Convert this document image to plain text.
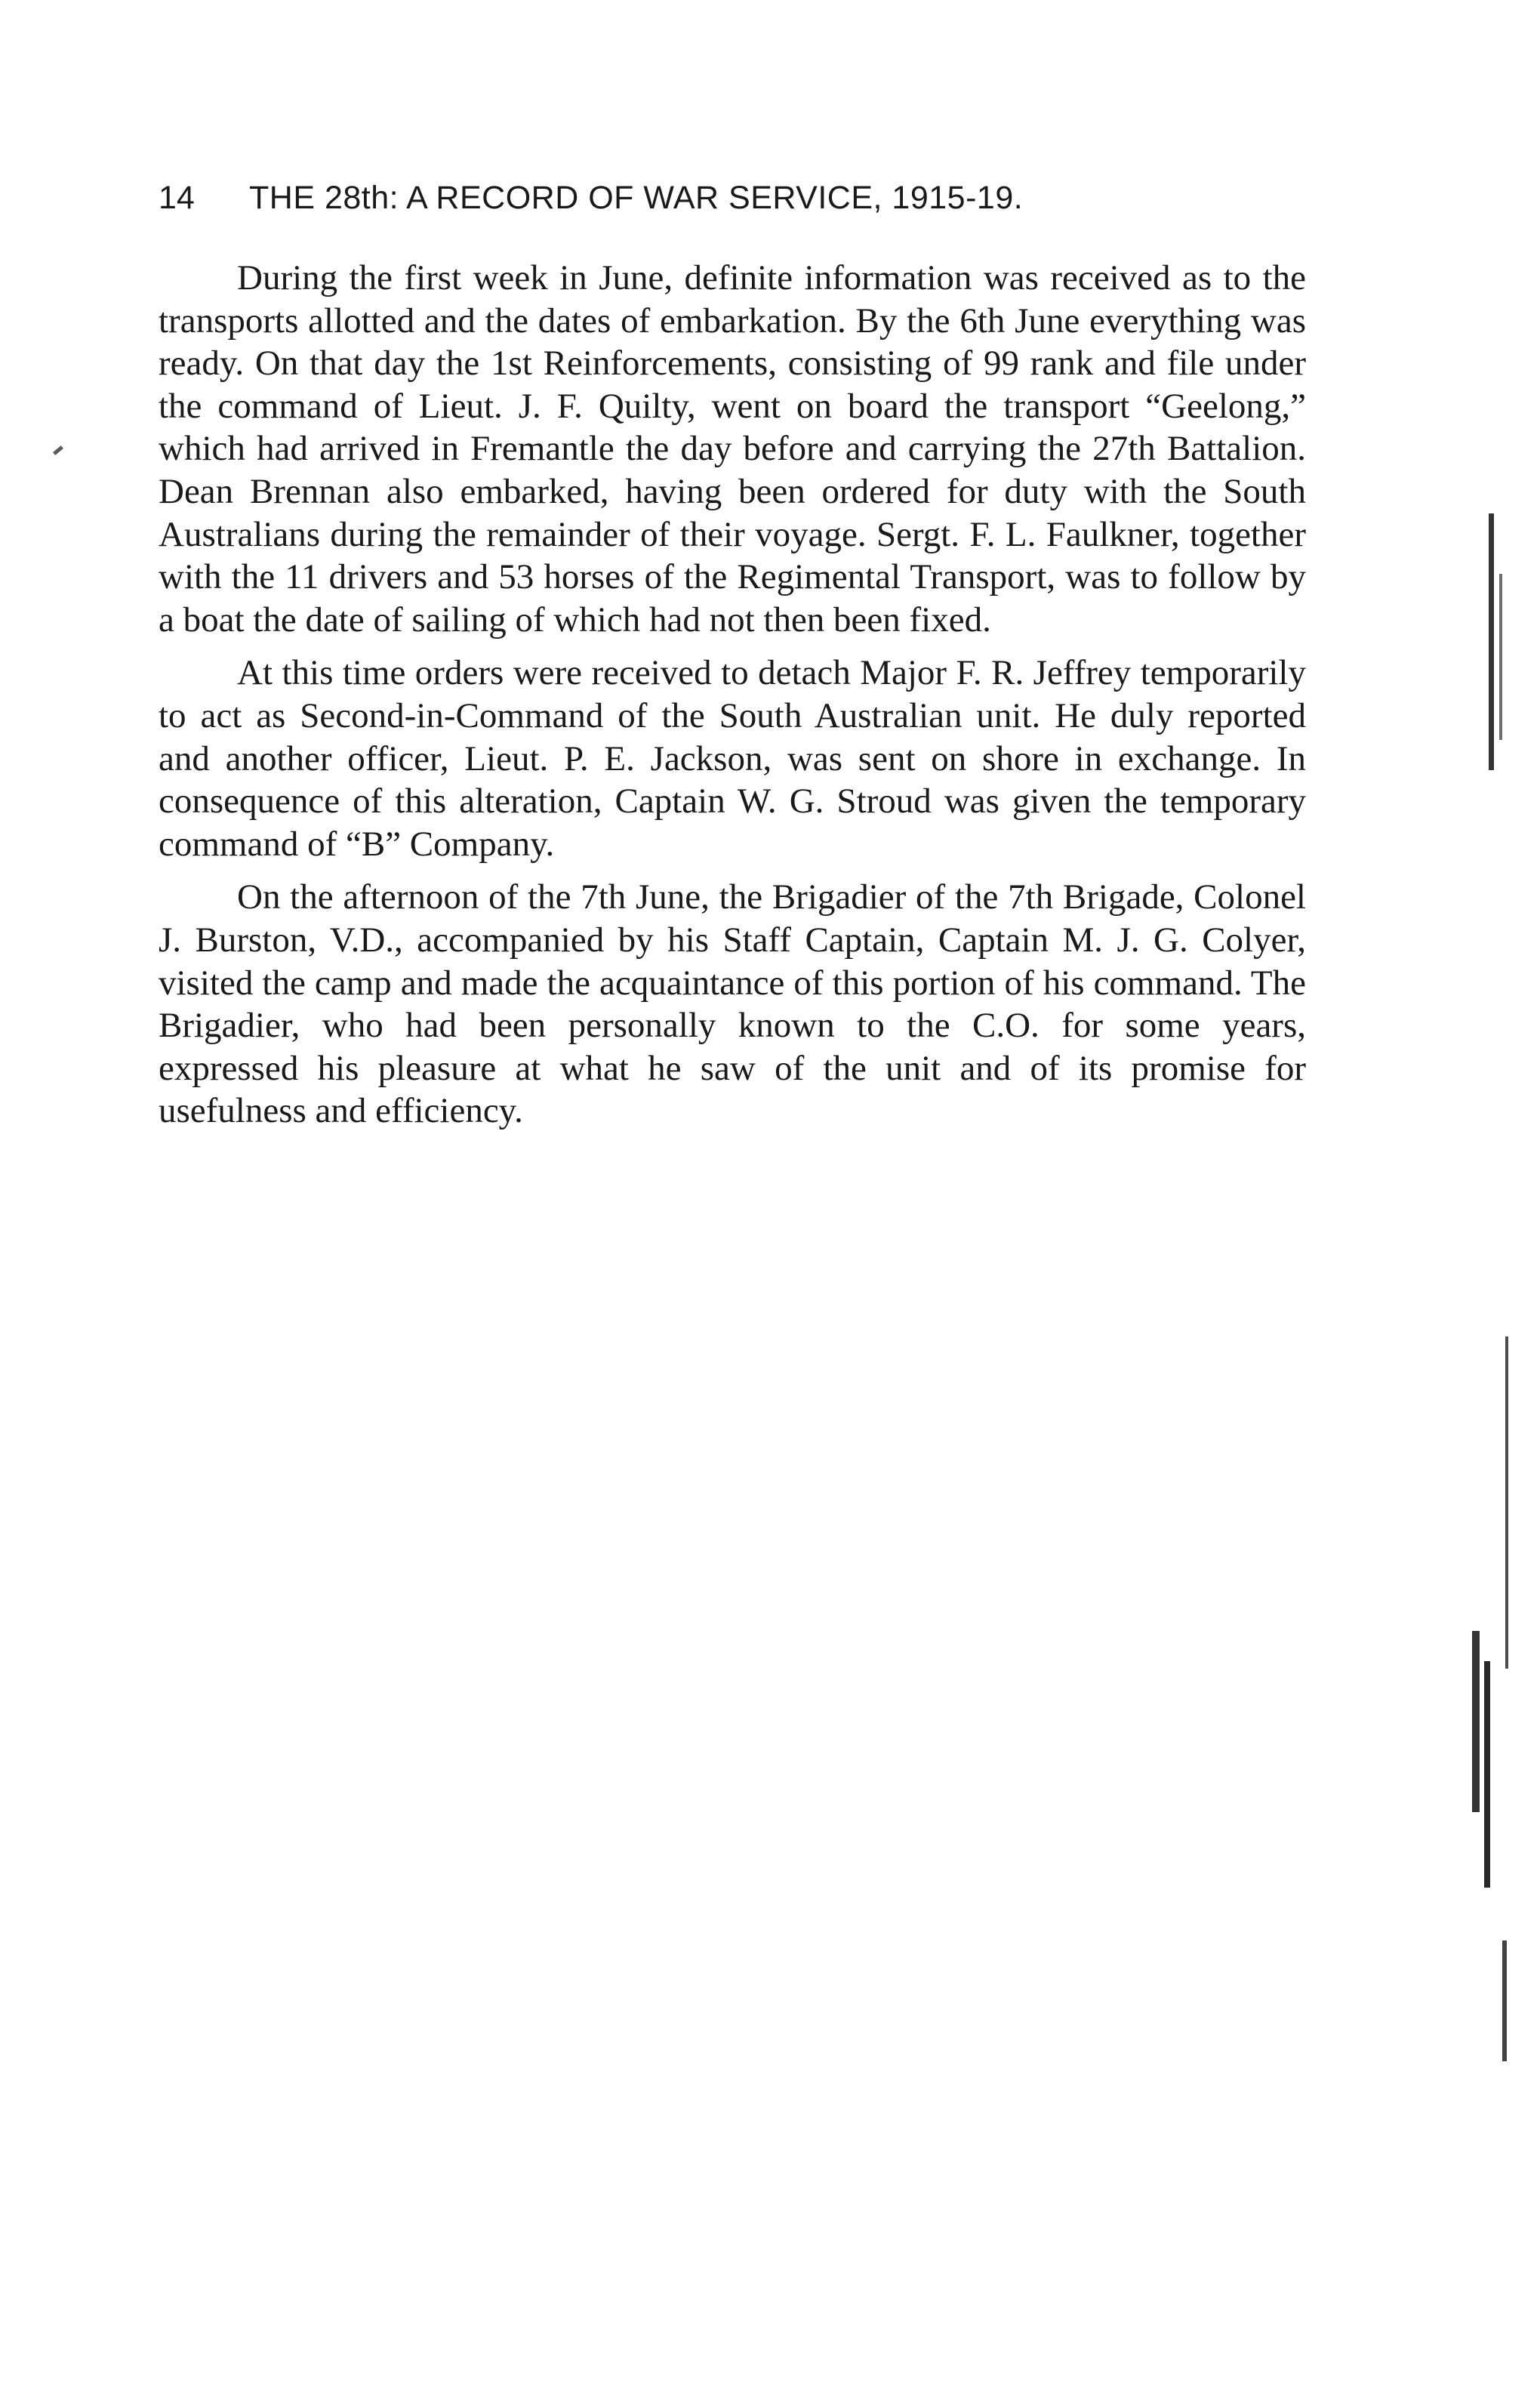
14 THE 28th: A RECORD OF WAR SERVICE, 1915-19.

During the first week in June, definite information was received as to the transports allotted and the dates of embarkation. By the 6th June everything was ready. On that day the 1st Reinforcements, consisting of 99 rank and file under the command of Lieut. J. F. Quilty, went on board the transport “Geelong,” which had arrived in Fremantle the day before and carrying the 27th Battalion. Dean Brennan also embarked, having been ordered for duty with the South Australians during the remainder of their voyage. Sergt. F. L. Faulkner, together with the 11 drivers and 53 horses of the Regimental Transport, was to follow by a boat the date of sailing of which had not then been fixed.

At this time orders were received to detach Major F. R. Jeffrey temporarily to act as Second-in-Command of the South Australian unit. He duly reported and another officer, Lieut. P. E. Jackson, was sent on shore in exchange. In consequence of this alteration, Captain W. G. Stroud was given the temporary command of “B” Company.

On the afternoon of the 7th June, the Brigadier of the 7th Brigade, Colonel J. Burston, V.D., accompanied by his Staff Captain, Captain M. J. G. Colyer, visited the camp and made the acquaintance of this portion of his command. The Brigadier, who had been personally known to the C.O. for some years, expressed his pleasure at what he saw of the unit and of its promise for usefulness and efficiency.
